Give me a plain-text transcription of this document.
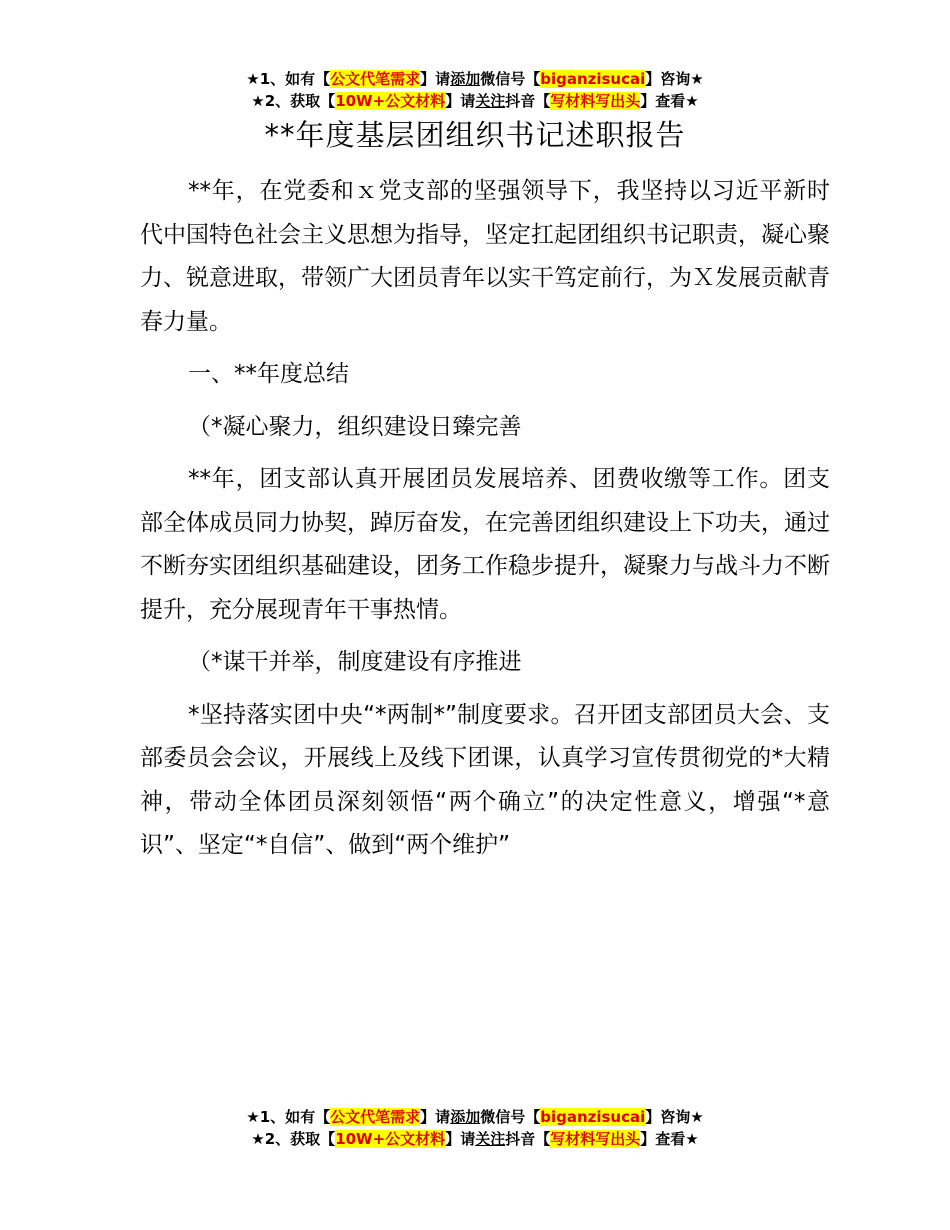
★1、如有【公文代笔需求】请添加微信号【biganzisucai】咨询★
★2、获取【10W+公文材料】请关注抖音【写材料写出头】查看★
**年度基层团组织书记述职报告

**年，在党委和ｘ党支部的坚强领导下，我坚持以习近平新时代中国特色社会主义思想为指导，坚定扛起团组织书记职责，凝心聚力、锐意进取，带领广大团员青年以实干笃定前行，为Ｘ发展贡献青春力量。

一、**年度总结

（*凝心聚力，组织建设日臻完善

**年，团支部认真开展团员发展培养、团费收缴等工作。团支部全体成员同力协契，踔厉奋发，在完善团组织建设上下功夫，通过不断夯实团组织基础建设，团务工作稳步提升，凝聚力与战斗力不断提升，充分展现青年干事热情。

（*谋干并举，制度建设有序推进

*坚持落实团中央“*两制*”制度要求。召开团支部团员大会、支部委员会会议，开展线上及线下团课，认真学习宣传贯彻党的*大精神，带动全体团员深刻领悟“两个确立”的决定性意义，增强“*意识”、坚定“*自信”、做到“两个维护”

★1、如有【公文代笔需求】请添加微信号【biganzisucai】咨询★
★2、获取【10W+公文材料】请关注抖音【写材料写出头】查看★
